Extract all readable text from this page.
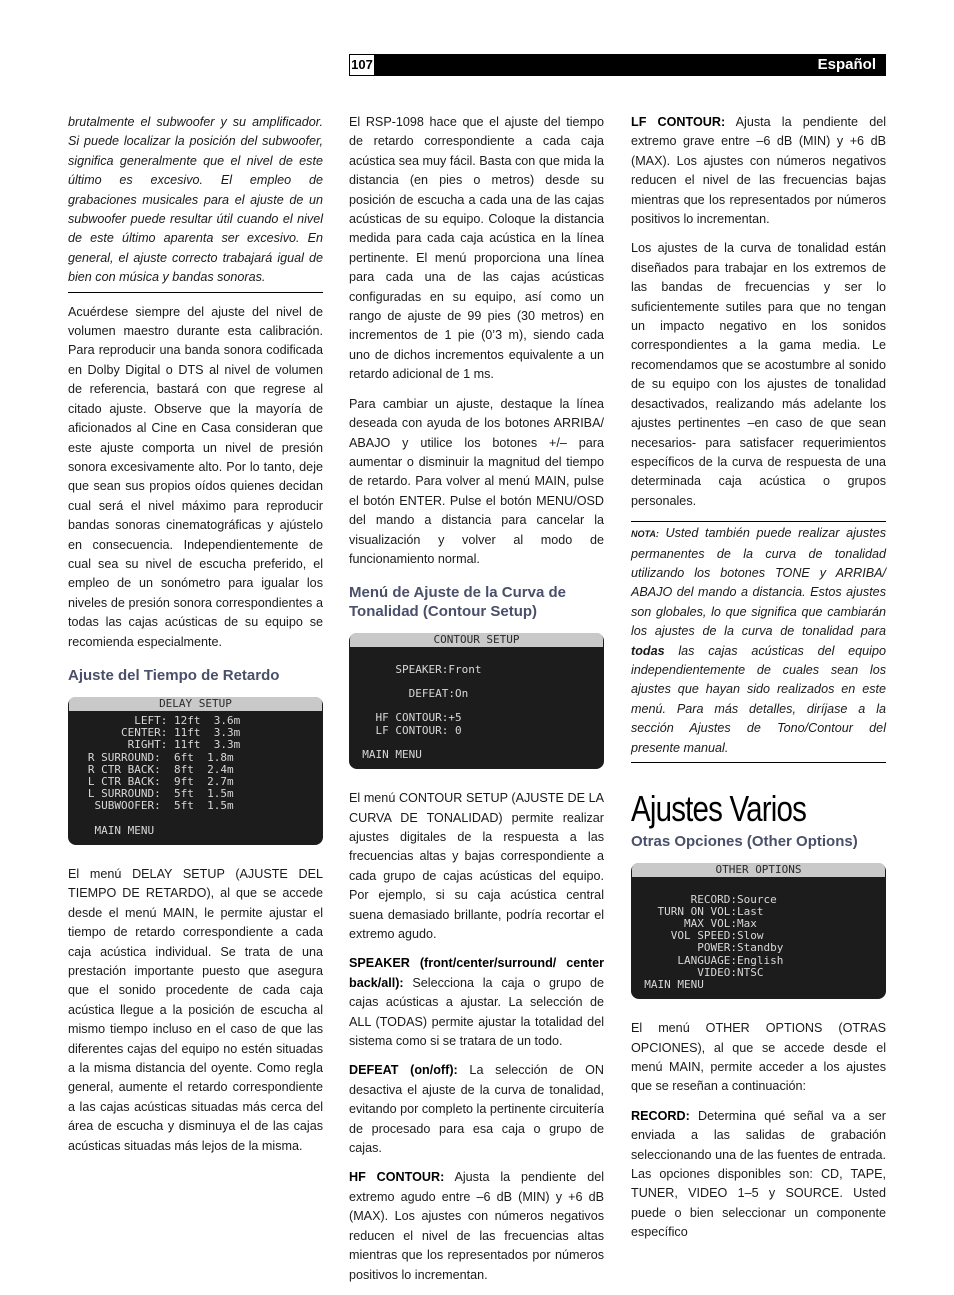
107	Español

brutalmente el subwoofer y su amplificador. Si puede localizar la posición del subwoofer, significa generalmente que el nivel de este último es excesivo. El empleo de grabaciones musicales para el ajuste de un subwoofer puede resultar útil cuando el nivel de este último aparenta ser excesivo. En general, el ajuste correcto trabajará igual de bien con música y bandas sonoras.

Acuérdese siempre del ajuste del nivel de volumen maestro durante esta calibración. Para reproducir una banda sonora codificada en Dolby Digital o DTS al nivel de volumen de referencia, bastará con que regrese al citado ajuste. Observe que la mayoría de aficionados al Cine en Casa consideran que este ajuste comporta un nivel de presión sonora excesivamente alto. Por lo tanto, deje que sean sus propios oídos quienes decidan cual será el nivel máximo para reproducir bandas sonoras cinematográficas y ajústelo en consecuencia. Independientemente de cual sea su nivel de escucha preferido, el empleo de un sonómetro para igualar los niveles de presión sonora correspondientes a todas las cajas acústicas de su equipo se recomienda especialmente.

Ajuste del Tiempo de Retardo
DELAY SETUP
LEFT: 12ft  3.6m
CENTER: 11ft  3.3m
RIGHT: 11ft  3.3m
R SURROUND:  6ft  1.8m
R CTR BACK:  8ft  2.4m
L CTR BACK:  9ft  2.7m
L SURROUND:  5ft  1.5m
SUBWOOFER:  5ft  1.5m

MAIN MENU

El menú DELAY SETUP (AJUSTE DEL TIEMPO DE RETARDO), al que se accede desde el menú MAIN, le permite ajustar el tiempo de retardo correspondiente a cada caja acústica individual. Se trata de una prestación importante puesto que asegura que el sonido procedente de cada caja acústica llegue a la posición de escucha al mismo tiempo incluso en el caso de que las diferentes cajas del equipo no estén situadas a la misma distancia del oyente. Como regla general, aumente el retardo correspondiente a las cajas acústicas situadas más cerca del área de escucha y disminuya el de las cajas acústicas situadas más lejos de la misma.

El RSP-1098 hace que el ajuste del tiempo de retardo correspondiente a cada caja acústica sea muy fácil. Basta con que mida la distancia (en pies o metros) desde su posición de escucha a cada una de las cajas acústicas de su equipo. Coloque la distancia medida para cada caja acústica en la línea pertinente. El menú proporciona una línea para cada una de las cajas acústicas configuradas en su equipo, así como un rango de ajuste de 99 pies (30 metros) en incrementos de 1 pie (0’3 m), siendo cada uno de dichos incrementos equivalente a un retardo adicional de 1 ms.

Para cambiar un ajuste, destaque la línea deseada con ayuda de los botones ARRIBA/ ABAJO y utilice los botones +/– para aumentar o disminuir la magnitud del tiempo de retardo. Para volver al menú MAIN, pulse el botón ENTER. Pulse el botón MENU/OSD del mando a distancia para cancelar la visualización y volver al modo de funcionamiento normal.

Menú de Ajuste de la Curva de Tonalidad (Contour Setup)
CONTOUR SETUP

SPEAKER:Front

DEFEAT:On

HF CONTOUR:+5
LF CONTOUR: 0

MAIN MENU

El menú CONTOUR SETUP (AJUSTE DE LA CURVA DE TONALIDAD) permite realizar ajustes digitales de la respuesta a las frecuencias altas y bajas correspondiente a cada grupo de cajas acústicas del equipo. Por ejemplo, si su caja acústica central suena demasiado brillante, podría recortar el extremo agudo.

SPEAKER (front/center/surround/ center back/all): Selecciona la caja o grupo de cajas acústicas a ajustar. La selección de ALL (TODAS) permite ajustar la totalidad del sistema como si se tratara de un todo.

DEFEAT (on/off): La selección de ON desactiva el ajuste de la curva de tonalidad, evitando por completo la pertinente circuitería de procesado para esa caja o grupo de cajas.

HF CONTOUR: Ajusta la pendiente del extremo agudo entre –6 dB (MIN) y +6 dB (MAX). Los ajustes con números negativos reducen el nivel de las frecuencias altas mientras que los representados por números positivos lo incrementan.

LF CONTOUR: Ajusta la pendiente del extremo grave entre –6 dB (MIN) y +6 dB (MAX). Los ajustes con números negativos reducen el nivel de las frecuencias bajas mientras que los representados por números positivos lo incrementan.

Los ajustes de la curva de tonalidad están diseñados para trabajar en los extremos de las bandas de frecuencias y ser lo suficientemente sutiles para que no tengan un impacto negativo en los sonidos correspondientes a la gama media. Le recomendamos que se acostumbre al sonido de su equipo con los ajustes de tonalidad desactivados, realizando más adelante los ajustes pertinentes –en caso de que sean necesarios- para satisfacer requerimientos específicos de la curva de respuesta de una determinada caja acústica o grupos personales.

NOTA: Usted también puede realizar ajustes permanentes de la curva de tonalidad utilizando los botones TONE y ARRIBA/ ABAJO del mando a distancia. Estos ajustes son globales, lo que significa que cambiarán los ajustes de la curva de tonalidad para todas las cajas acústicas del equipo independientemente de cuales sean los ajustes que hayan sido realizados en este menú. Para más detalles, diríjase a la sección Ajustes de Tono/Contour del presente manual.

Ajustes Varios
Otras Opciones (Other Options)
OTHER OPTIONS

RECORD:Source
TURN ON VOL:Last
MAX VOL:Max
VOL SPEED:Slow
POWER:Standby
LANGUAGE:English
VIDEO:NTSC
MAIN MENU

El menú OTHER OPTIONS (OTRAS OPCIONES), al que se accede desde el menú MAIN, permite acceder a los ajustes que se reseñan a continuación:

RECORD: Determina qué señal va a ser enviada a las salidas de grabación seleccionando una de las fuentes de entrada. Las opciones disponibles son: CD, TAPE, TUNER, VIDEO 1–5 y SOURCE. Usted puede o bien seleccionar un componente específico
